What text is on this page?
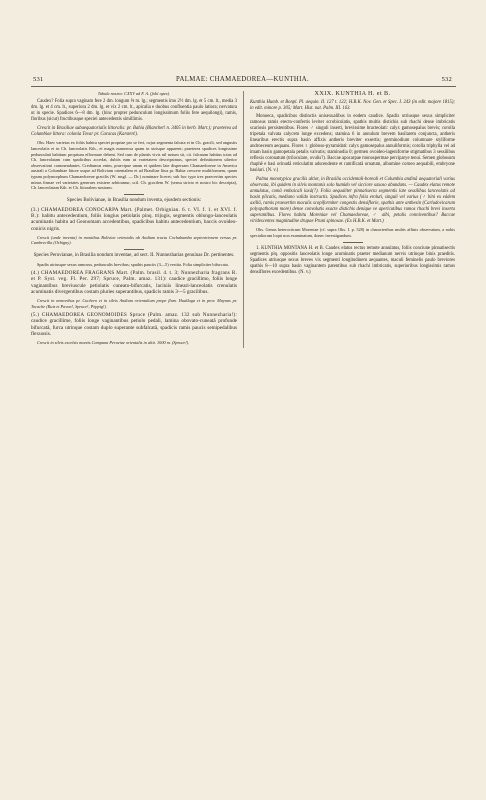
531	PALMAE: CHAMAEDOREA—KUNTHIA.	532

Tabula nostra: CXXV ad F. A. (folii apex).

Caudex? Folia supra vaginam fere 2 dm. longum ⅝ m. lg.; segmentis imo 2½ dm. lg. et 5 cm. lt., media 3 dm. lg. et 4 cm. lt., superiora 2 dm. lg. et vix 2 cm. lt., apicalia e duobus confluentia paulo latiora; nervatura ut in specie. Spadices 6—8 dm. lg. (hinc propter pedunculum longissimum foliis fere aequilongi), ramis, floribus (sicut) fructibusque speciei antecedentis simillimis.

Crescit in Brasiliae subaequatorialis littoralis: pr. Bahia (Blanchet! n. 3405 in herb. Mart.); praeterea ad Columbiae littora: colonia Tovar pr. Caracas (Karsten!).

Obs. Haec varietas ex foliis habitu speciei propriae pro se fert, cujus segmenta falcata et in Ch. gracili, sed angustis lanceolatis et in Ch. lanceolatis Kth., et magis numerosa quam in utrisque apparent; praeterea spadices longissime pedunculati habitum proprium efformare debent. Sed cum de plantis vivis nil notum sit, cit. falcatam habitus totus ad Ch. lanceolatam cum spadicibus accedat, dubiis eam ut varietatem descripsimus, speciei definitionem ulterior observationi commendantes. Crediumus enim, praecipue unam et quidem late dispersam Chamaedoreae in America australi a Columbiae littore usque ad Boliviam orientalem et ad Brasiliae litus pr. Bahia crescere multiformem, quam typum polymorphum Chamaedoreae gracilis (W. msgl. — Dr.) nominare liceret; sub hoc typo tres praecertim species minus firmae vel varietates generaes existere arbitramur, scil. Ch. gracilem W. (sensu stricto et nostro hic descripta), Ch. lanceolatam Kth. et Ch. littoralem nostram.

Species Bolivianae, in Brasilia nondum inventa, ejusdem sectionis:

(3.) CHAMAEDOREA CONOCARPA Mart. (Palmet. Orbignian. 6. t. VI. f. 1. et XVI. f. B.): habitu antecedentium, foliis longius petiolatis pinq. trijugis, segmentis oblongo-lanceolatis acuminatis habitu ad Geonomam accedentibus, spadicibus habitu antecedentium, baccis ovoideo-conicis nigris.

Crescit (unde inventa) in montibus Boliviae orientalis ab Andium tractu Cochabamba septentrionem versus pr. Cambrecilla (Orbigny).

Species Peruvianae, in Brasilia nondum inventae, ad sect. II. Nunnezharias genuinas Dr. pertinentes.

Spadix utriusque sexus ramosus, pedunculis brevibus; spathis pauciis (3—5) vestita. Folia simpliciter bifurcata.

(4.) CHAMAEDOREA FRAGRANS Mart. (Palm. brasil. 4. t. 3; Nunnezharia fragrans R. et P. Syst. veg. Fl. Per. 297; Spruce, Palm. amaz. 131): caudice gracillimo, foliis longe vaginantibus breviuscule petiolatis cuneato-bifurcatis, laciniis lineari-lanceolatis crenulatis acuminatis divergentibus costam pluries superantibus, spadicis ramis 3—5 gracilibus.

Crescit in nemoribus pr. Cuchero et in silvis Andium orientalium prope flum. Huallaga et in prov. Maynas pr. Tocache (Ruiz et Pavon!, Spruce!, Pöppig!).

(5.) CHAMAEDOREA GEONOMOIDES Spruce (Palm. amaz. 132 sub Nunnezharia!): caudice gracillime, foliis longe vaginantibus petiolo pedali, lamina obovato-cuneatâ profunde bifurcatâ, furca utrinque costam duplo superante subfalcatâ, spadicis ramis paucis semipedalibus flexuosis.

Crescit in silvis excelsis montis Campana Peruviae orientalis in altit. 1000 m. (Spruce!).

XXIX. KUNTHIA H. et B.

Kunthia Humb. et Bonpl. Pl. aequin. II. 127 t. 122; H.B.K. Nov. Gen. et Spec. I. 243 (in edit. majore 1815); in edit. minore p. 305; Mart. Hist. nat. Palm. III. 163.

Monoeca, spadicibus distinctis unisexualibus in eodem caudice. Spadix utriusque sexus simpliciter ramosus ramis erecto-confertis leviter scrobiculatis, spathis multis distichis sub rhachi dense imbricatis scariosis persistentibus. Flores ♂ singuli inserti, brevissime bracteolati: calyx gamosepalus brevis; corolla tripetala valvata calycem longe excedens; stamina 6 in annulum brevem basilarem conjuncta, antheris linearibus erectis supra basin affixis antheris breviter exsertis; germinodium columnare styliforme androeceum aequans. Flores ♀ globoso-pyramidati: calyx gamosepalus annuliformis; corolla triphylla vel ad imam basin gamopetala petalis valvatis; staminodia 0; germen ovoideo-lageniforme stigmatibus 3 sessilibus reflexis coronatum (triloculare, ovulis?). Baccae apocarpae monospermae perciparye tenui. Semen globosum rhaphê e basi orinudâ reticulatim adscendente et ramificatâ ornatum, albumine corneo aequabili, embryone basilari. (N. v.)

Palma monotypica gracilis altior, in Brasilia occidentali-boreali et Columbia andinâ aequatoriali varius observata, ibi quidem in silvis montanis solo humido vel sicciore saxoso abundans. — Caudex elatus remote annulatus, comâ embaicali laxâ(?). Folia aequaliter pinnatisecta segmentis late sessilibus lanceolatis ad basin plicatis, mediano valido instructis. Spadices infra folia eroluti, singuli vel varius (♂ bini ex eâdem axillâ, ramis praesertim maculis scopiformiter congestis densiflorie, spathis ante anthesin (Carludovicarum polyspathorum more) dense convolutis exacte distichis denique ve apericutibus ramos rhachi brevi inserta superantibus. Flores habitu Moreniae vel Chamaedoreae, ♂ albi, petalis conniventibus? Baccae viridescentes magnitudine drupae Pruni spinosae. (Ex H.B.K. et Mart.)

Obs. Genus heterocticum Moreniae (cf. supra Obs. I. p. 528) in characteribus multis affinis observatum, a nobis specialiorum loqui non examinatum, donec investigandum.

1. KUNTHIA MONTANA H. et B. Caudex elatus rectus remote annulatus, foliis conciune pinnatisectis segmentis plq. oppositis lanceolatis longe acuminatis praeter medianum nervis utrinque binis praeditis. Spadices utriusque sexus breves vix segmenti longitudinem aequantes, maculi feminelis paulo breviores spathis 8—10 supra basin vaginantem patentibus sub rhachi imbricatis, superioribus longissimis ramos densiflores excedentibus. (N. v.)
